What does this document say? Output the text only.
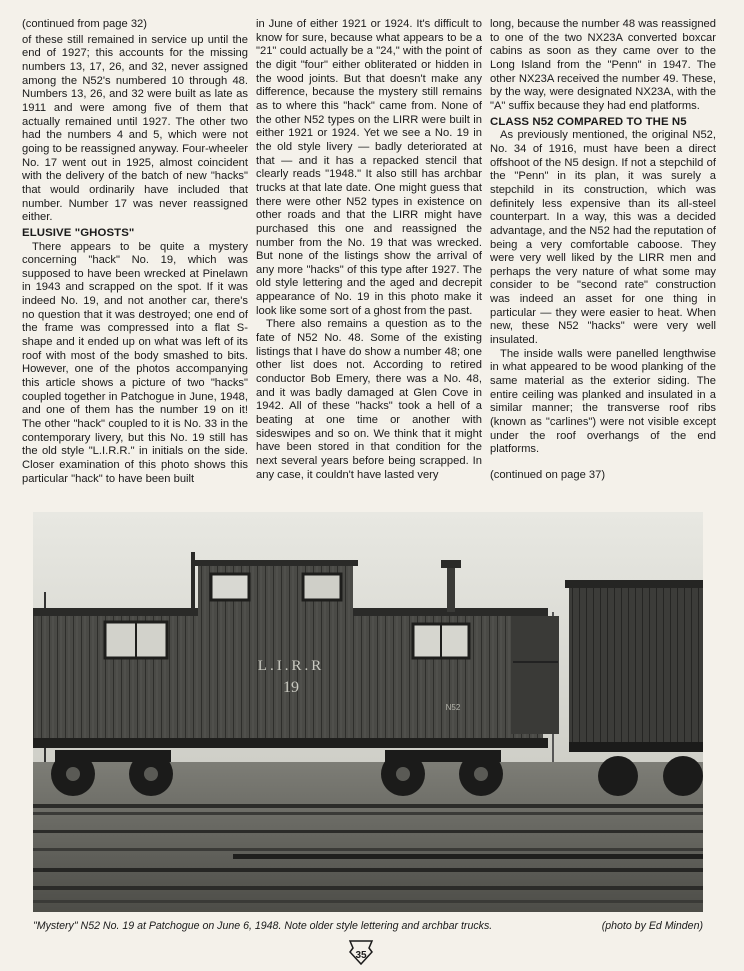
(continued from page 32)

of these still remained in service up until the end of 1927; this accounts for the missing numbers 13, 17, 26, and 32, never assigned among the N52's numbered 10 through 48. Numbers 13, 26, and 32 were built as late as 1911 and were among five of them that actually remained until 1927. The other two had the numbers 4 and 5, which were not going to be reassigned anyway. Four-wheeler No. 17 went out in 1925, almost coincident with the delivery of the batch of new "hacks" that would ordinarily have included that number. Number 17 was never reassigned either.

ELUSIVE "GHOSTS"

There appears to be quite a mystery concerning "hack" No. 19, which was supposed to have been wrecked at Pinelawn in 1943 and scrapped on the spot. If it was indeed No. 19, and not another car, there's no question that it was destroyed; one end of the frame was compressed into a flat S-shape and it ended up on what was left of its roof with most of the body smashed to bits. However, one of the photos accompanying this article shows a picture of two "hacks" coupled together in Patchogue in June, 1948, and one of them has the number 19 on it! The other "hack" coupled to it is No. 33 in the contemporary livery, but this No. 19 still has the old style "L.I.R.R." in initials on the side. Closer examination of this photo shows this particular "hack" to have been built

in June of either 1921 or 1924. It's difficult to know for sure, because what appears to be a "21" could actually be a "24," with the point of the digit "four" either obliterated or hidden in the wood joints. But that doesn't make any difference, because the mystery still remains as to where this "hack" came from. None of the other N52 types on the LIRR were built in either 1921 or 1924. Yet we see a No. 19 in the old style livery — badly deteriorated at that — and it has a repacked stencil that clearly reads "1948." It also still has archbar trucks at that late date. One might guess that there were other N52 types in existence on other roads and that the LIRR might have purchased this one and reassigned the number from the No. 19 that was wrecked. But none of the listings show the arrival of any more "hacks" of this type after 1927. The old style lettering and the aged and decrepit appearance of No. 19 in this photo make it look like some sort of a ghost from the past.

There also remains a question as to the fate of N52 No. 48. Some of the existing listings that I have do show a number 48; one other list does not. According to retired conductor Bob Emery, there was a No. 48, and it was badly damaged at Glen Cove in 1942. All of these "hacks" took a hell of a beating at one time or another with sideswipes and so on. We think that it might have been stored in that condition for the next several years before being scrapped. In any case, it couldn't have lasted very

long, because the number 48 was reassigned to one of the two NX23A converted boxcar cabins as soon as they came over to the Long Island from the "Penn" in 1947. The other NX23A received the number 49. These, by the way, were designated NX23A, with the "A" suffix because they had end platforms.

CLASS N52 COMPARED TO THE N5

As previously mentioned, the original N52, No. 34 of 1916, must have been a direct offshoot of the N5 design. If not a stepchild of the "Penn" in its plan, it was surely a stepchild in its construction, which was definitely less expensive than its all-steel counterpart. In a way, this was a decided advantage, and the N52 had the reputation of being a very comfortable caboose. They were very well liked by the LIRR men and perhaps the very nature of what some may consider to be "second rate" construction was indeed an asset for one thing in particular — they were easier to heat. When new, these N52 "hacks" were very well insulated.

The inside walls were panelled lengthwise in what appeared to be wood planking of the same material as the exterior siding. The entire ceiling was planked and insulated in a similar manner; the transverse roof ribs (known as "carlines") were not visible except under the roof overhangs of the end platforms.

(continued on page 37)

L.I.R.R
19
N52
"Mystery" N52 No. 19 at Patchogue on June 6, 1948. Note older style lettering and archbar trucks.	(photo by Ed Minden)
35
